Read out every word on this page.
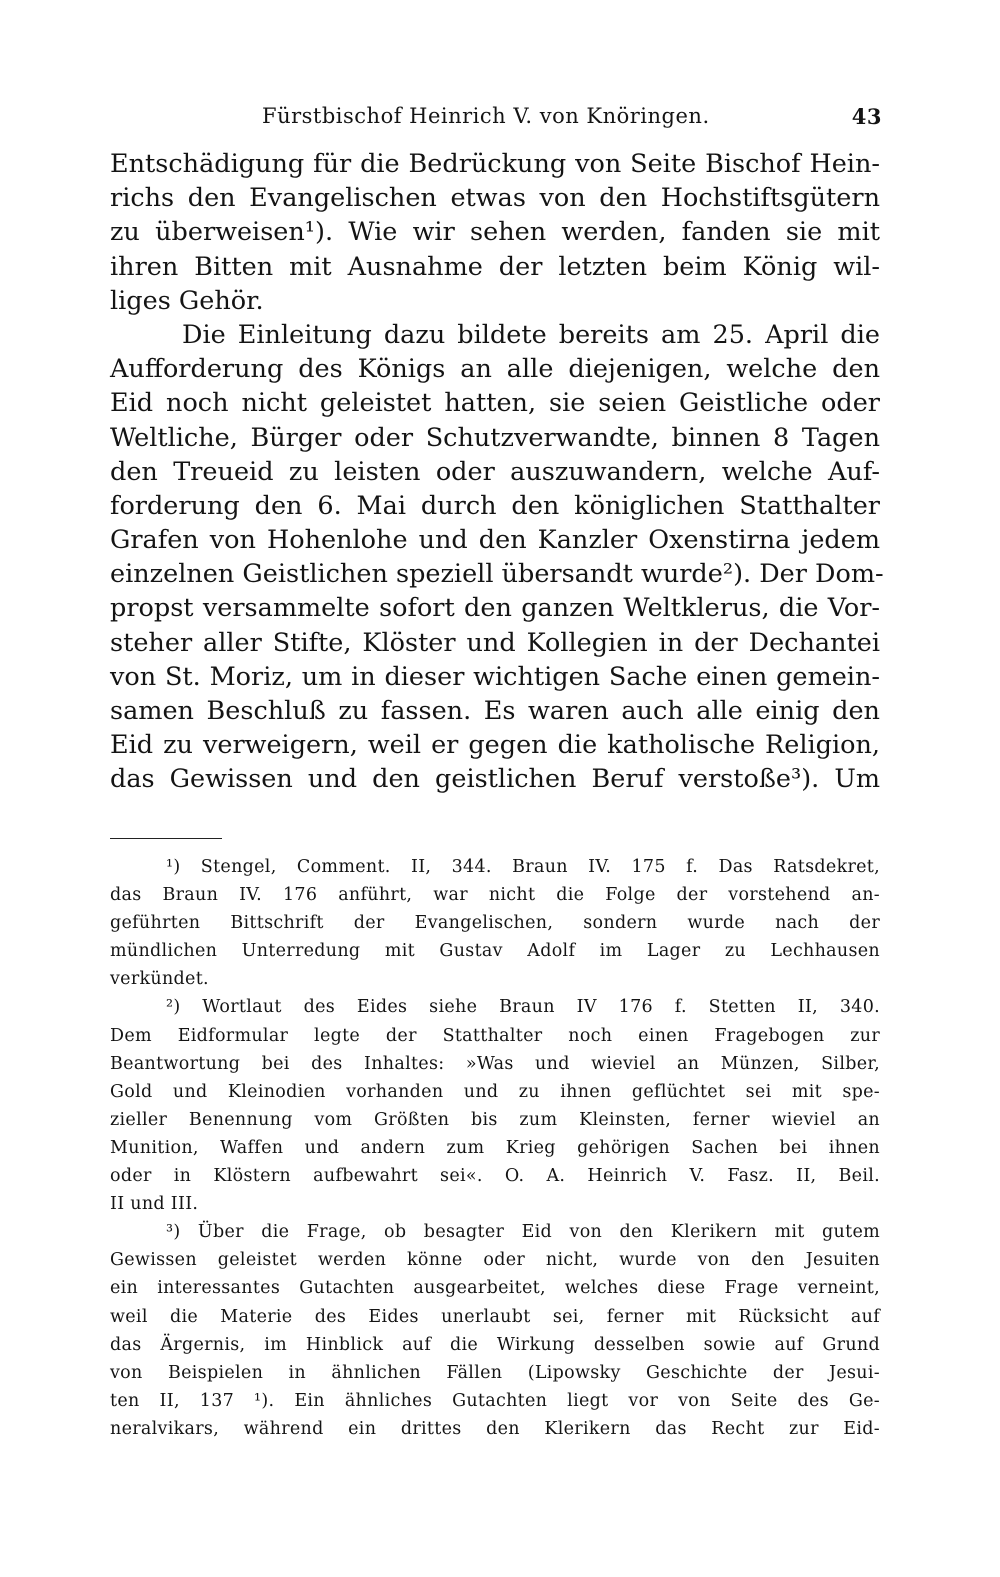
Fürstbischof Heinrich V. von Knöringen.	43
Entschädigung für die Bedrückung von Seite Bischof Hein-
richs den Evangelischen etwas von den Hochstiftsgütern
zu überweisen¹). Wie wir sehen werden, fanden sie mit
ihren Bitten mit Ausnahme der letzten beim König wil-
liges Gehör.
Die Einleitung dazu bildete bereits am 25. April die
Aufforderung des Königs an alle diejenigen, welche den
Eid noch nicht geleistet hatten, sie seien Geistliche oder
Weltliche, Bürger oder Schutzverwandte, binnen 8 Tagen
den Treueid zu leisten oder auszuwandern, welche Auf-
forderung den 6. Mai durch den königlichen Statthalter
Grafen von Hohenlohe und den Kanzler Oxenstirna jedem
einzelnen Geistlichen speziell übersandt wurde²). Der Dom-
propst versammelte sofort den ganzen Weltklerus, die Vor-
steher aller Stifte, Klöster und Kollegien in der Dechantei
von St. Moriz, um in dieser wichtigen Sache einen gemein-
samen Beschluß zu fassen. Es waren auch alle einig den
Eid zu verweigern, weil er gegen die katholische Religion,
das Gewissen und den geistlichen Beruf verstoße³). Um
¹) Stengel, Comment. II, 344. Braun IV. 175 f. Das Ratsdekret,
das Braun IV. 176 anführt, war nicht die Folge der vorstehend an-
geführten Bittschrift der Evangelischen, sondern wurde nach der
mündlichen Unterredung mit Gustav Adolf im Lager zu Lechhausen
verkündet.
²) Wortlaut des Eides siehe Braun IV 176 f. Stetten II, 340.
Dem Eidformular legte der Statthalter noch einen Fragebogen zur
Beantwortung bei des Inhaltes: »Was und wieviel an Münzen, Silber,
Gold und Kleinodien vorhanden und zu ihnen geflüchtet sei mit spe-
zieller Benennung vom Größten bis zum Kleinsten, ferner wieviel an
Munition, Waffen und andern zum Krieg gehörigen Sachen bei ihnen
oder in Klöstern aufbewahrt sei«. O. A. Heinrich V. Fasz. II, Beil.
II und III.
³) Über die Frage, ob besagter Eid von den Klerikern mit gutem
Gewissen geleistet werden könne oder nicht, wurde von den Jesuiten
ein interessantes Gutachten ausgearbeitet, welches diese Frage verneint,
weil die Materie des Eides unerlaubt sei, ferner mit Rücksicht auf
das Ärgernis, im Hinblick auf die Wirkung desselben sowie auf Grund
von Beispielen in ähnlichen Fällen (Lipowsky Geschichte der Jesui-
ten II, 137 ¹). Ein ähnliches Gutachten liegt vor von Seite des Ge-
neralvikars, während ein drittes den Klerikern das Recht zur Eid-
